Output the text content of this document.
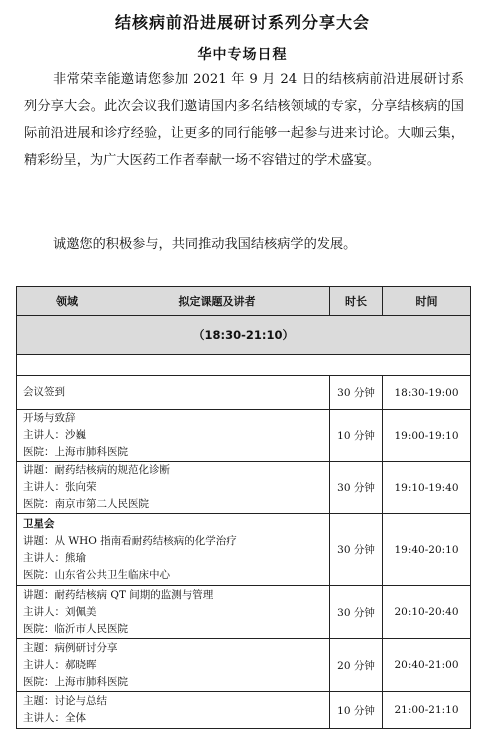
结核病前沿进展研讨系列分享大会
华中专场日程
非常荣幸能邀请您参加 2021 年 9 月 24 日的结核病前沿进展研讨系列分享大会。此次会议我们邀请国内多名结核领域的专家，分享结核病的国际前沿进展和诊疗经验，让更多的同行能够一起参与进来讨论。大咖云集，精彩纷呈，为广大医药工作者奉献一场不容错过的学术盛宴。
诚邀您的积极参与，共同推动我国结核病学的发展。
领域 拟定课题及讲者	时长	时间
（18:30-21:10）		

会议签到	30 分钟	18:30-19:00

开场与致辞
主讲人：沙巍
医院：上海市肺科医院	10 分钟	19:00-19:10

讲题：耐药结核病的规范化诊断
主讲人：张向荣
医院：南京市第二人民医院	30 分钟	19:10-19:40

卫星会
讲题：从 WHO 指南看耐药结核病的化学治疗
主讲人：熊瑜
医院：山东省公共卫生临床中心	30 分钟	19:40-20:10

讲题：耐药结核病 QT 间期的监测与管理
主讲人：刘佩美
医院：临沂市人民医院	30 分钟	20:10-20:40

主题：病例研讨分享
主讲人：郝晓晖
医院：上海市肺科医院	20 分钟	20:40-21:00

主题：讨论与总结
主讲人：全体	10 分钟	21:00-21:10
